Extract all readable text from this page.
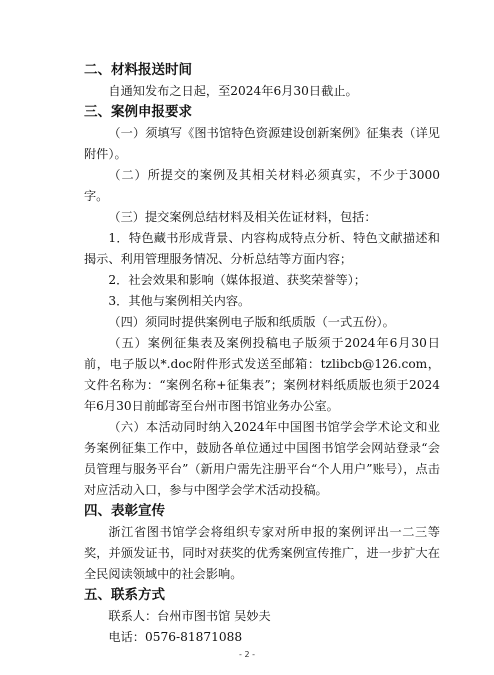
二、材料报送时间

自通知发布之日起，至2024年6月30日截止。

三、案例申报要求

（一）须填写《图书馆特色资源建设创新案例》征集表（详见附件）。

（二）所提交的案例及其相关材料必须真实，不少于3000字。

（三）提交案例总结材料及相关佐证材料，包括：

1．特色藏书形成背景、内容构成特点分析、特色文献描述和揭示、利用管理服务情况、分析总结等方面内容；

2．社会效果和影响（媒体报道、获奖荣誉等）；

3．其他与案例相关内容。

（四）须同时提供案例电子版和纸质版（一式五份）。

（五）案例征集表及案例投稿电子版须于2024年6月30日前，电子版以*.doc附件形式发送至邮箱：tzlibcb@126.com，文件名称为：“案例名称+征集表”；案例材料纸质版也须于2024年6月30日前邮寄至台州市图书馆业务办公室。

（六）本活动同时纳入2024年中国图书馆学会学术论文和业务案例征集工作中，鼓励各单位通过中国图书馆学会网站登录“会员管理与服务平台”（新用户需先注册平台“个人用户”账号），点击对应活动入口，参与中图学会学术活动投稿。

四、表彰宣传

浙江省图书馆学会将组织专家对所申报的案例评出一二三等奖，并颁发证书，同时对获奖的优秀案例宣传推广，进一步扩大在全民阅读领域中的社会影响。

五、联系方式
联系人：台州市图书馆 吴妙夫
电话：0576-81871088
- 2 -
